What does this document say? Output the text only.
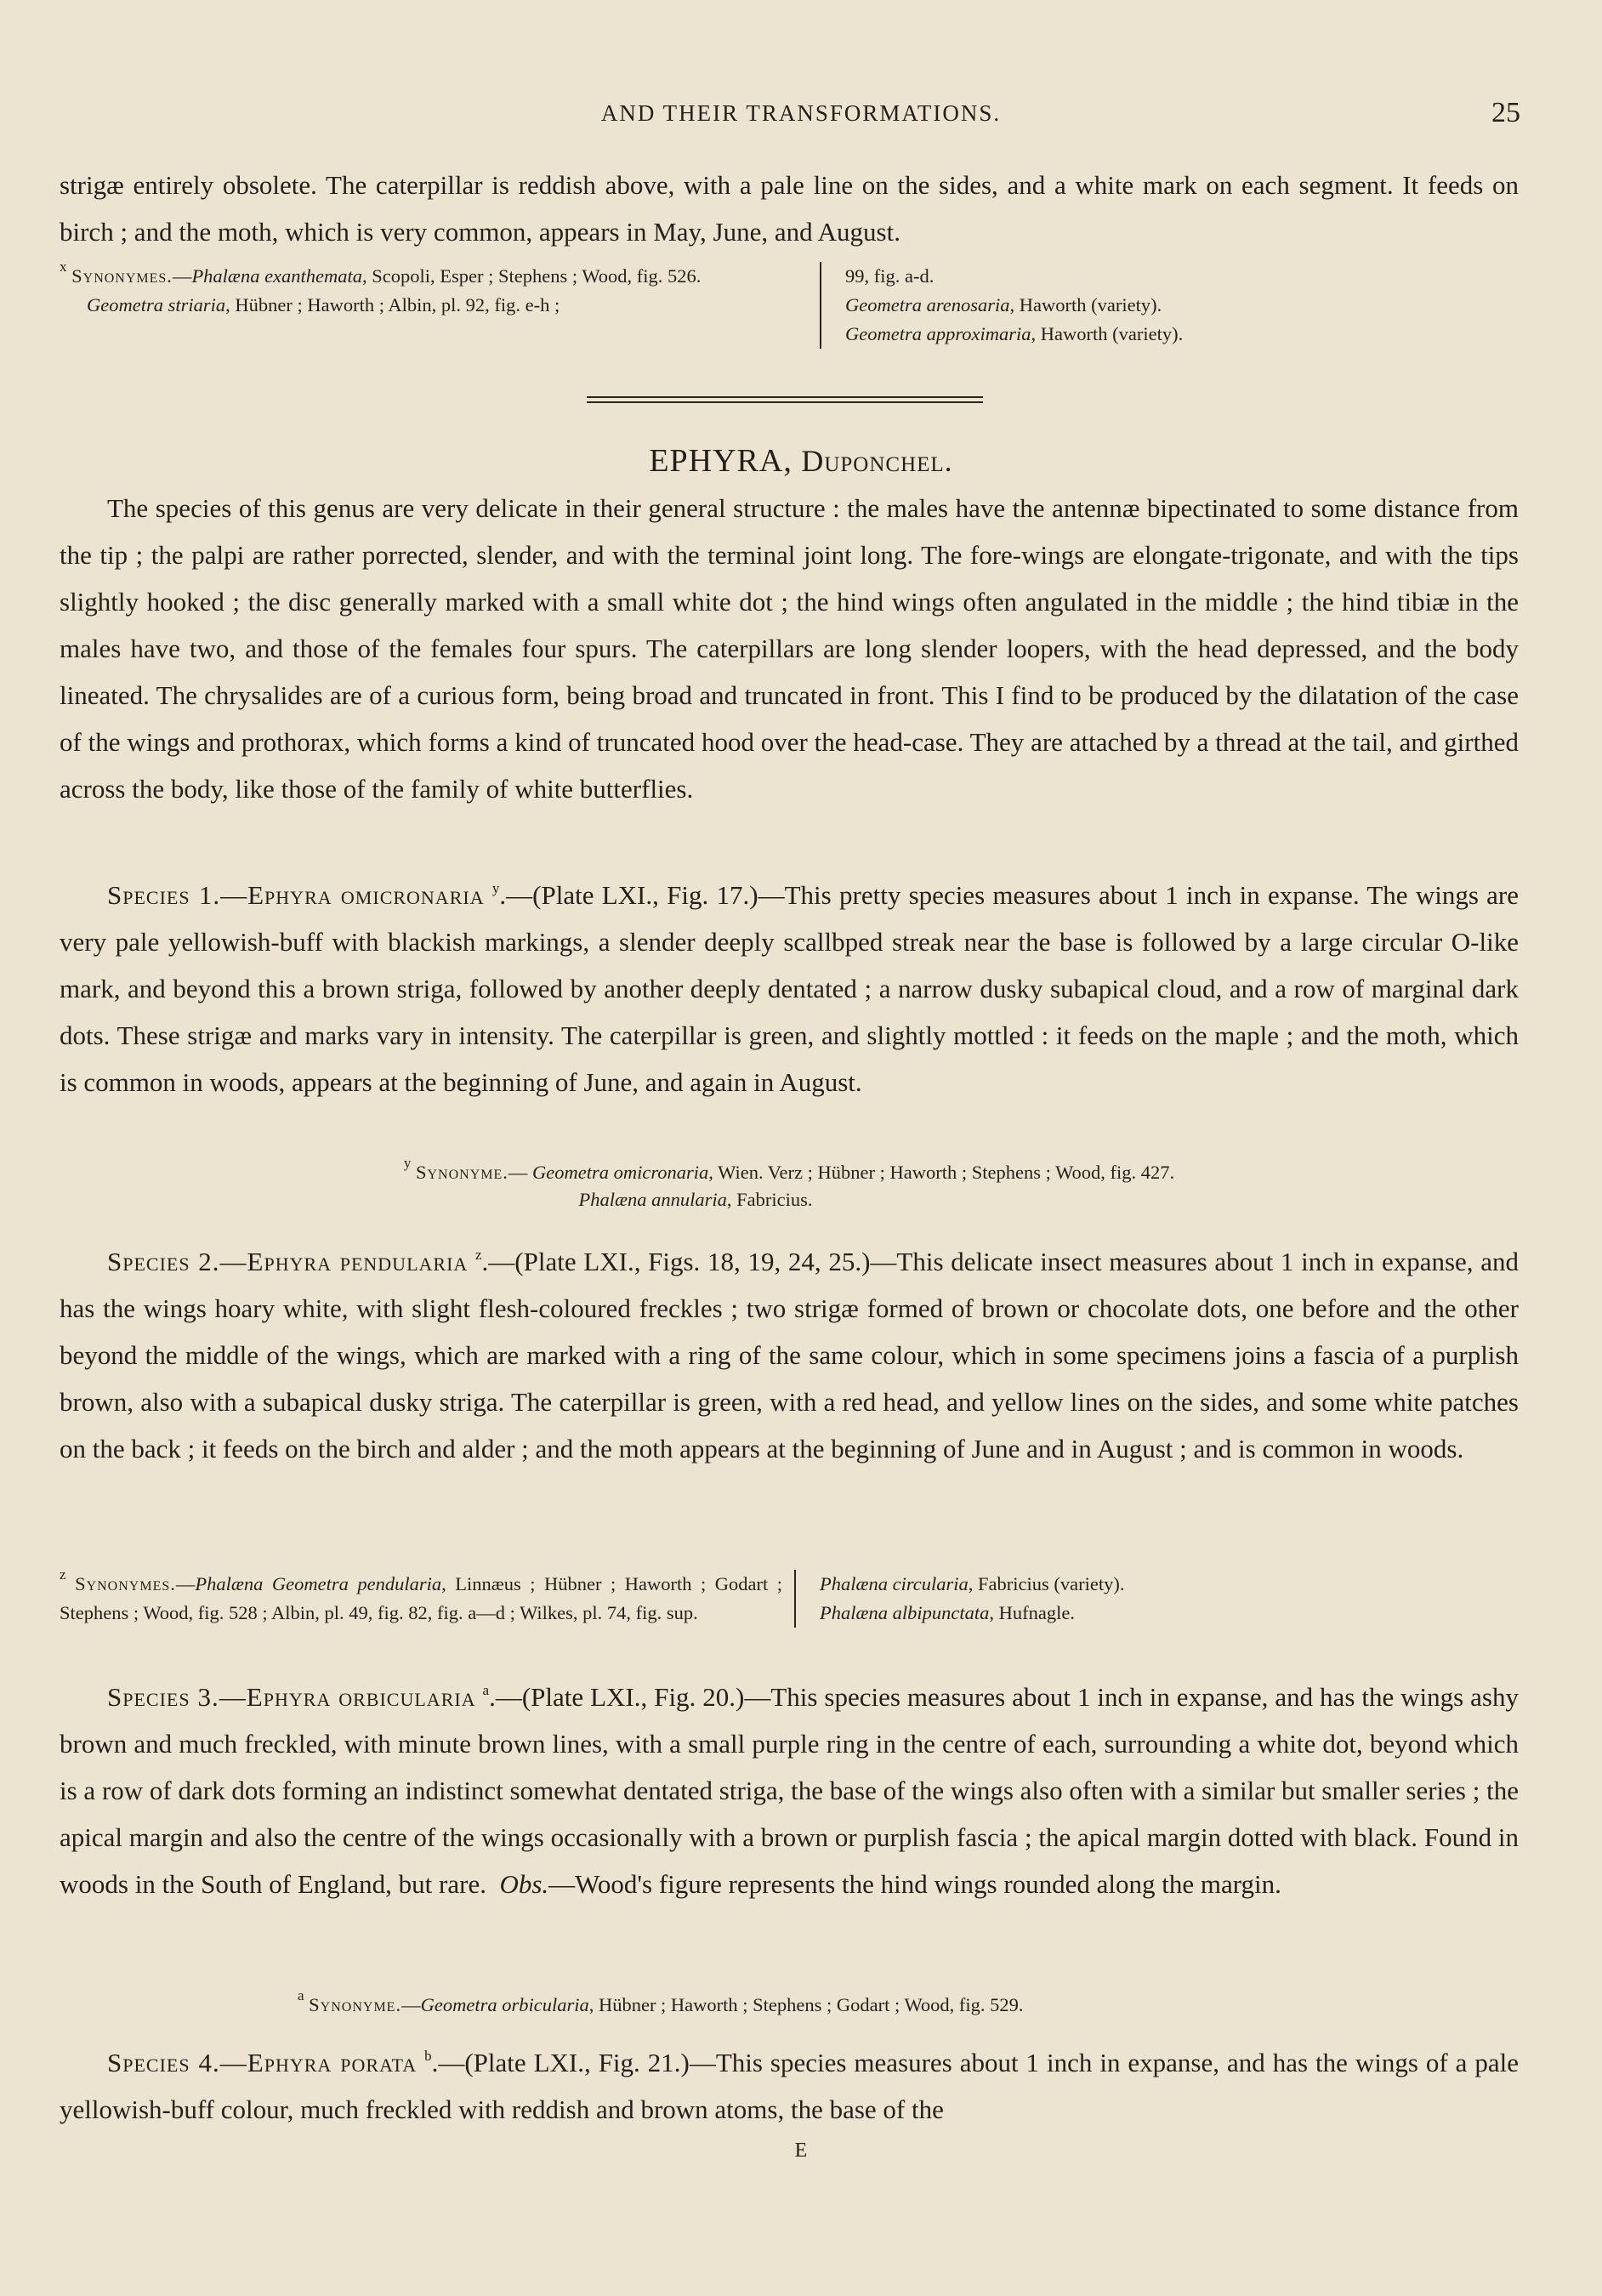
AND THEIR TRANSFORMATIONS.	25

strigæ entirely obsolete. The caterpillar is reddish above, with a pale line on the sides, and a white mark on each segment. It feeds on birch ; and the moth, which is very common, appears in May, June, and August.

$^x$ Synonymes.—Phalæna exanthemata, Scopoli, Esper ; Stephens ; Wood, fig. 526.

Geometra striaria, Hübner ; Haworth ; Albin, pl. 92, fig. e-h ;

99, fig. a-d.

Geometra arenosaria, Haworth (variety).

Geometra approximaria, Haworth (variety).

EPHYRA, Duponchel.

The species of this genus are very delicate in their general structure : the males have the antennæ bipectinated to some distance from the tip ; the palpi are rather porrected, slender, and with the terminal joint long. The fore-wings are elongate-trigonate, and with the tips slightly hooked ; the disc generally marked with a small white dot ; the hind wings often angulated in the middle ; the hind tibiæ in the males have two, and those of the females four spurs. The caterpillars are long slender loopers, with the head depressed, and the body lineated. The chrysalides are of a curious form, being broad and truncated in front. This I find to be produced by the dilatation of the case of the wings and prothorax, which forms a kind of truncated hood over the head-case. They are attached by a thread at the tail, and girthed across the body, like those of the family of white butterflies.

Species 1.—Ephyra omicronaria $^y$.—(Plate LXI., Fig. 17.)—This pretty species measures about 1 inch in expanse. The wings are very pale yellowish-buff with blackish markings, a slender deeply scallbped streak near the base is followed by a large circular O-like mark, and beyond this a brown striga, followed by another deeply dentated ; a narrow dusky subapical cloud, and a row of marginal dark dots. These strigæ and marks vary in intensity. The caterpillar is green, and slightly mottled : it feeds on the maple ; and the moth, which is common in woods, appears at the beginning of June, and again in August.

$^y$ Synonyme.— Geometra omicronaria, Wien. Verz ; Hübner ; Haworth ; Stephens ; Wood, fig. 427.

Phalæna annularia, Fabricius.

Species 2.—Ephyra pendularia $^z$.—(Plate LXI., Figs. 18, 19, 24, 25.)—This delicate insect measures about 1 inch in expanse, and has the wings hoary white, with slight flesh-coloured freckles ; two strigæ formed of brown or chocolate dots, one before and the other beyond the middle of the wings, which are marked with a ring of the same colour, which in some specimens joins a fascia of a purplish brown, also with a subapical dusky striga. The caterpillar is green, with a red head, and yellow lines on the sides, and some white patches on the back ; it feeds on the birch and alder ; and the moth appears at the beginning of June and in August ; and is common in woods.

$^z$ Synonymes.—Phalæna Geometra pendularia, Linnæus ; Hübner ; Haworth ; Godart ; Stephens ; Wood, fig. 528 ; Albin, pl. 49, fig. 82, fig. a—d ; Wilkes, pl. 74, fig. sup.

Phalæna circularia, Fabricius (variety).

Phalæna albipunctata, Hufnagle.

Species 3.—Ephyra orbicularia $^a$.—(Plate LXI., Fig. 20.)—This species measures about 1 inch in expanse, and has the wings ashy brown and much freckled, with minute brown lines, with a small purple ring in the centre of each, surrounding a white dot, beyond which is a row of dark dots forming an indistinct somewhat dentated striga, the base of the wings also often with a similar but smaller series ; the apical margin and also the centre of the wings occasionally with a brown or purplish fascia ; the apical margin dotted with black. Found in woods in the South of England, but rare. Obs.—Wood's figure represents the hind wings rounded along the margin.

$^a$ Synonyme.—Geometra orbicularia, Hübner ; Haworth ; Stephens ; Godart ; Wood, fig. 529.

Species 4.—Ephyra porata $^b$.—(Plate LXI., Fig. 21.)—This species measures about 1 inch in expanse, and has the wings of a pale yellowish-buff colour, much freckled with reddish and brown atoms, the base of the

E
